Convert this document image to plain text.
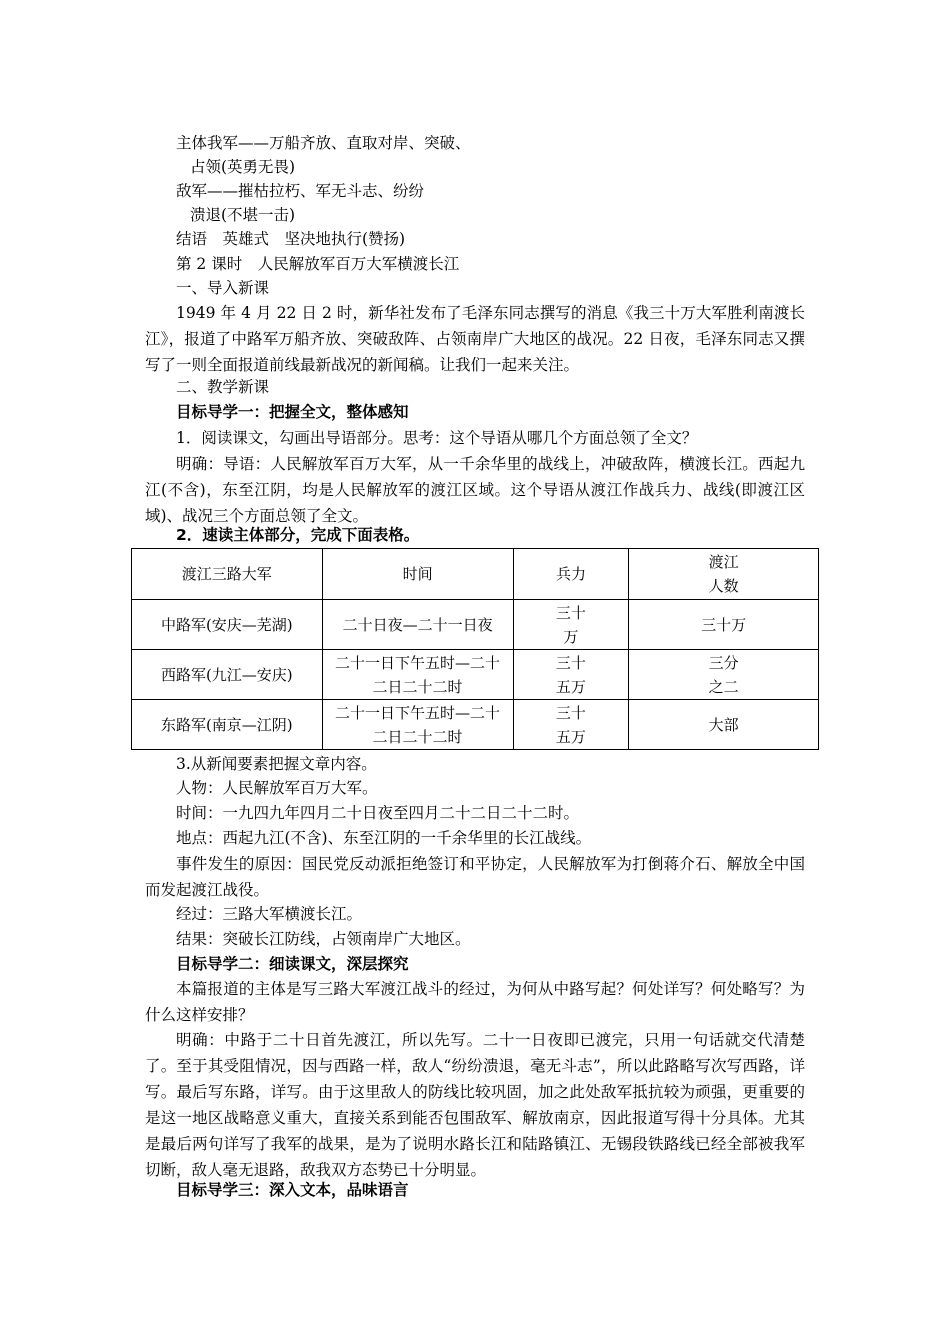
主体我军——万船齐放、直取对岸、突破、
占领(英勇无畏)
敌军——摧枯拉朽、军无斗志、纷纷
溃退(不堪一击)
结语　英雄式　坚决地执行(赞扬)
第 2 课时　人民解放军百万大军横渡长江
一、导入新课
1949 年 4 月 22 日 2 时，新华社发布了毛泽东同志撰写的消息《我三十万大军胜利南渡长江》，报道了中路军万船齐放、突破敌阵、占领南岸广大地区的战况。22 日夜，毛泽东同志又撰写了一则全面报道前线最新战况的新闻稿。让我们一起来关注。
二、教学新课
目标导学一：把握全文，整体感知
1．阅读课文，勾画出导语部分。思考：这个导语从哪几个方面总领了全文？
明确：导语：人民解放军百万大军，从一千余华里的战线上，冲破敌阵，横渡长江。西起九江(不含)，东至江阴，均是人民解放军的渡江区域。这个导语从渡江作战兵力、战线(即渡江区域)、战况三个方面总领了全文。
2．速读主体部分，完成下面表格。
渡江三路大军	时间	兵力	渡江人数
中路军(安庆—芜湖)	二十日夜—二十一日夜	三十万	三十万
西路军(九江—安庆)	二十一日下午五时—二十二日二十二时	三十五万	三分之二
东路军(南京—江阴)	二十一日下午五时—二十二日二十二时	三十五万	大部
3.从新闻要素把握文章内容。
人物：人民解放军百万大军。
时间：一九四九年四月二十日夜至四月二十二日二十二时。
地点：西起九江(不含)、东至江阴的一千余华里的长江战线。
事件发生的原因：国民党反动派拒绝签订和平协定，人民解放军为打倒蒋介石、解放全中国而发起渡江战役。
经过：三路大军横渡长江。
结果：突破长江防线，占领南岸广大地区。
目标导学二：细读课文，深层探究
本篇报道的主体是写三路大军渡江战斗的经过，为何从中路写起？何处详写？何处略写？为什么这样安排？
明确：中路于二十日首先渡江，所以先写。二十一日夜即已渡完，只用一句话就交代清楚了。至于其受阻情况，因与西路一样，敌人“纷纷溃退，毫无斗志”，所以此路略写次写西路，详写。最后写东路，详写。由于这里敌人的防线比较巩固，加之此处敌军抵抗较为顽强，更重要的是这一地区战略意义重大，直接关系到能否包围敌军、解放南京，因此报道写得十分具体。尤其是最后两句详写了我军的战果，是为了说明水路长江和陆路镇江、无锡段铁路线已经全部被我军切断，敌人毫无退路，敌我双方态势已十分明显。
目标导学三：深入文本，品味语言
